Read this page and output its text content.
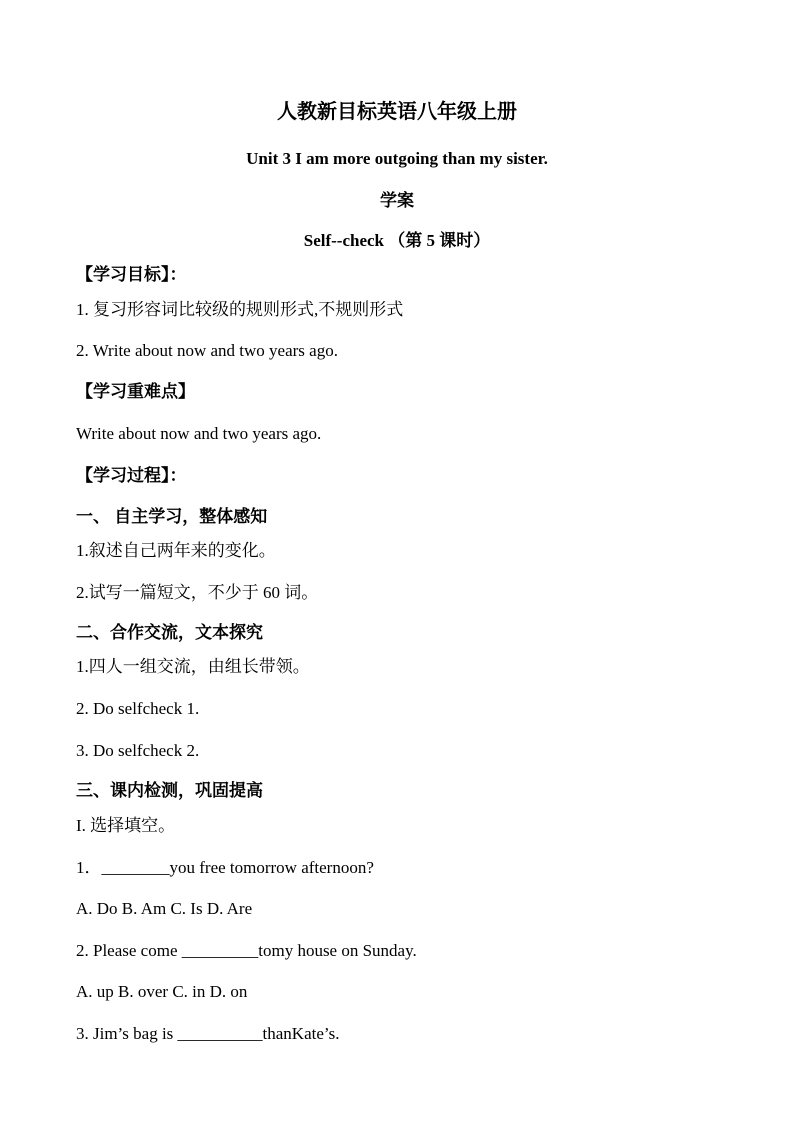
人教新目标英语八年级上册
Unit 3 I am more outgoing than my sister.
学案
Self--check （第 5 课时）
【学习目标】：
1. 复习形容词比较级的规则形式,不规则形式
2. Write about now and two years ago.
【学习重难点】
Write about now and two years ago.
【学习过程】：
一、 自主学习，整体感知
1.叙述自己两年来的变化。
2.试写一篇短文，不少于 60 词。
二、合作交流，文本探究
1.四人一组交流，由组长带领。
2. Do selfcheck 1.
3. Do selfcheck 2.
三、课内检测，巩固提高
I. 选择填空。
1．________you free tomorrow afternoon?
A. Do B. Am C. Is D. Are
2. Please come _________tomy house on Sunday.
A. up B. over C. in D. on
3. Jim’s bag is __________thanKate’s.
